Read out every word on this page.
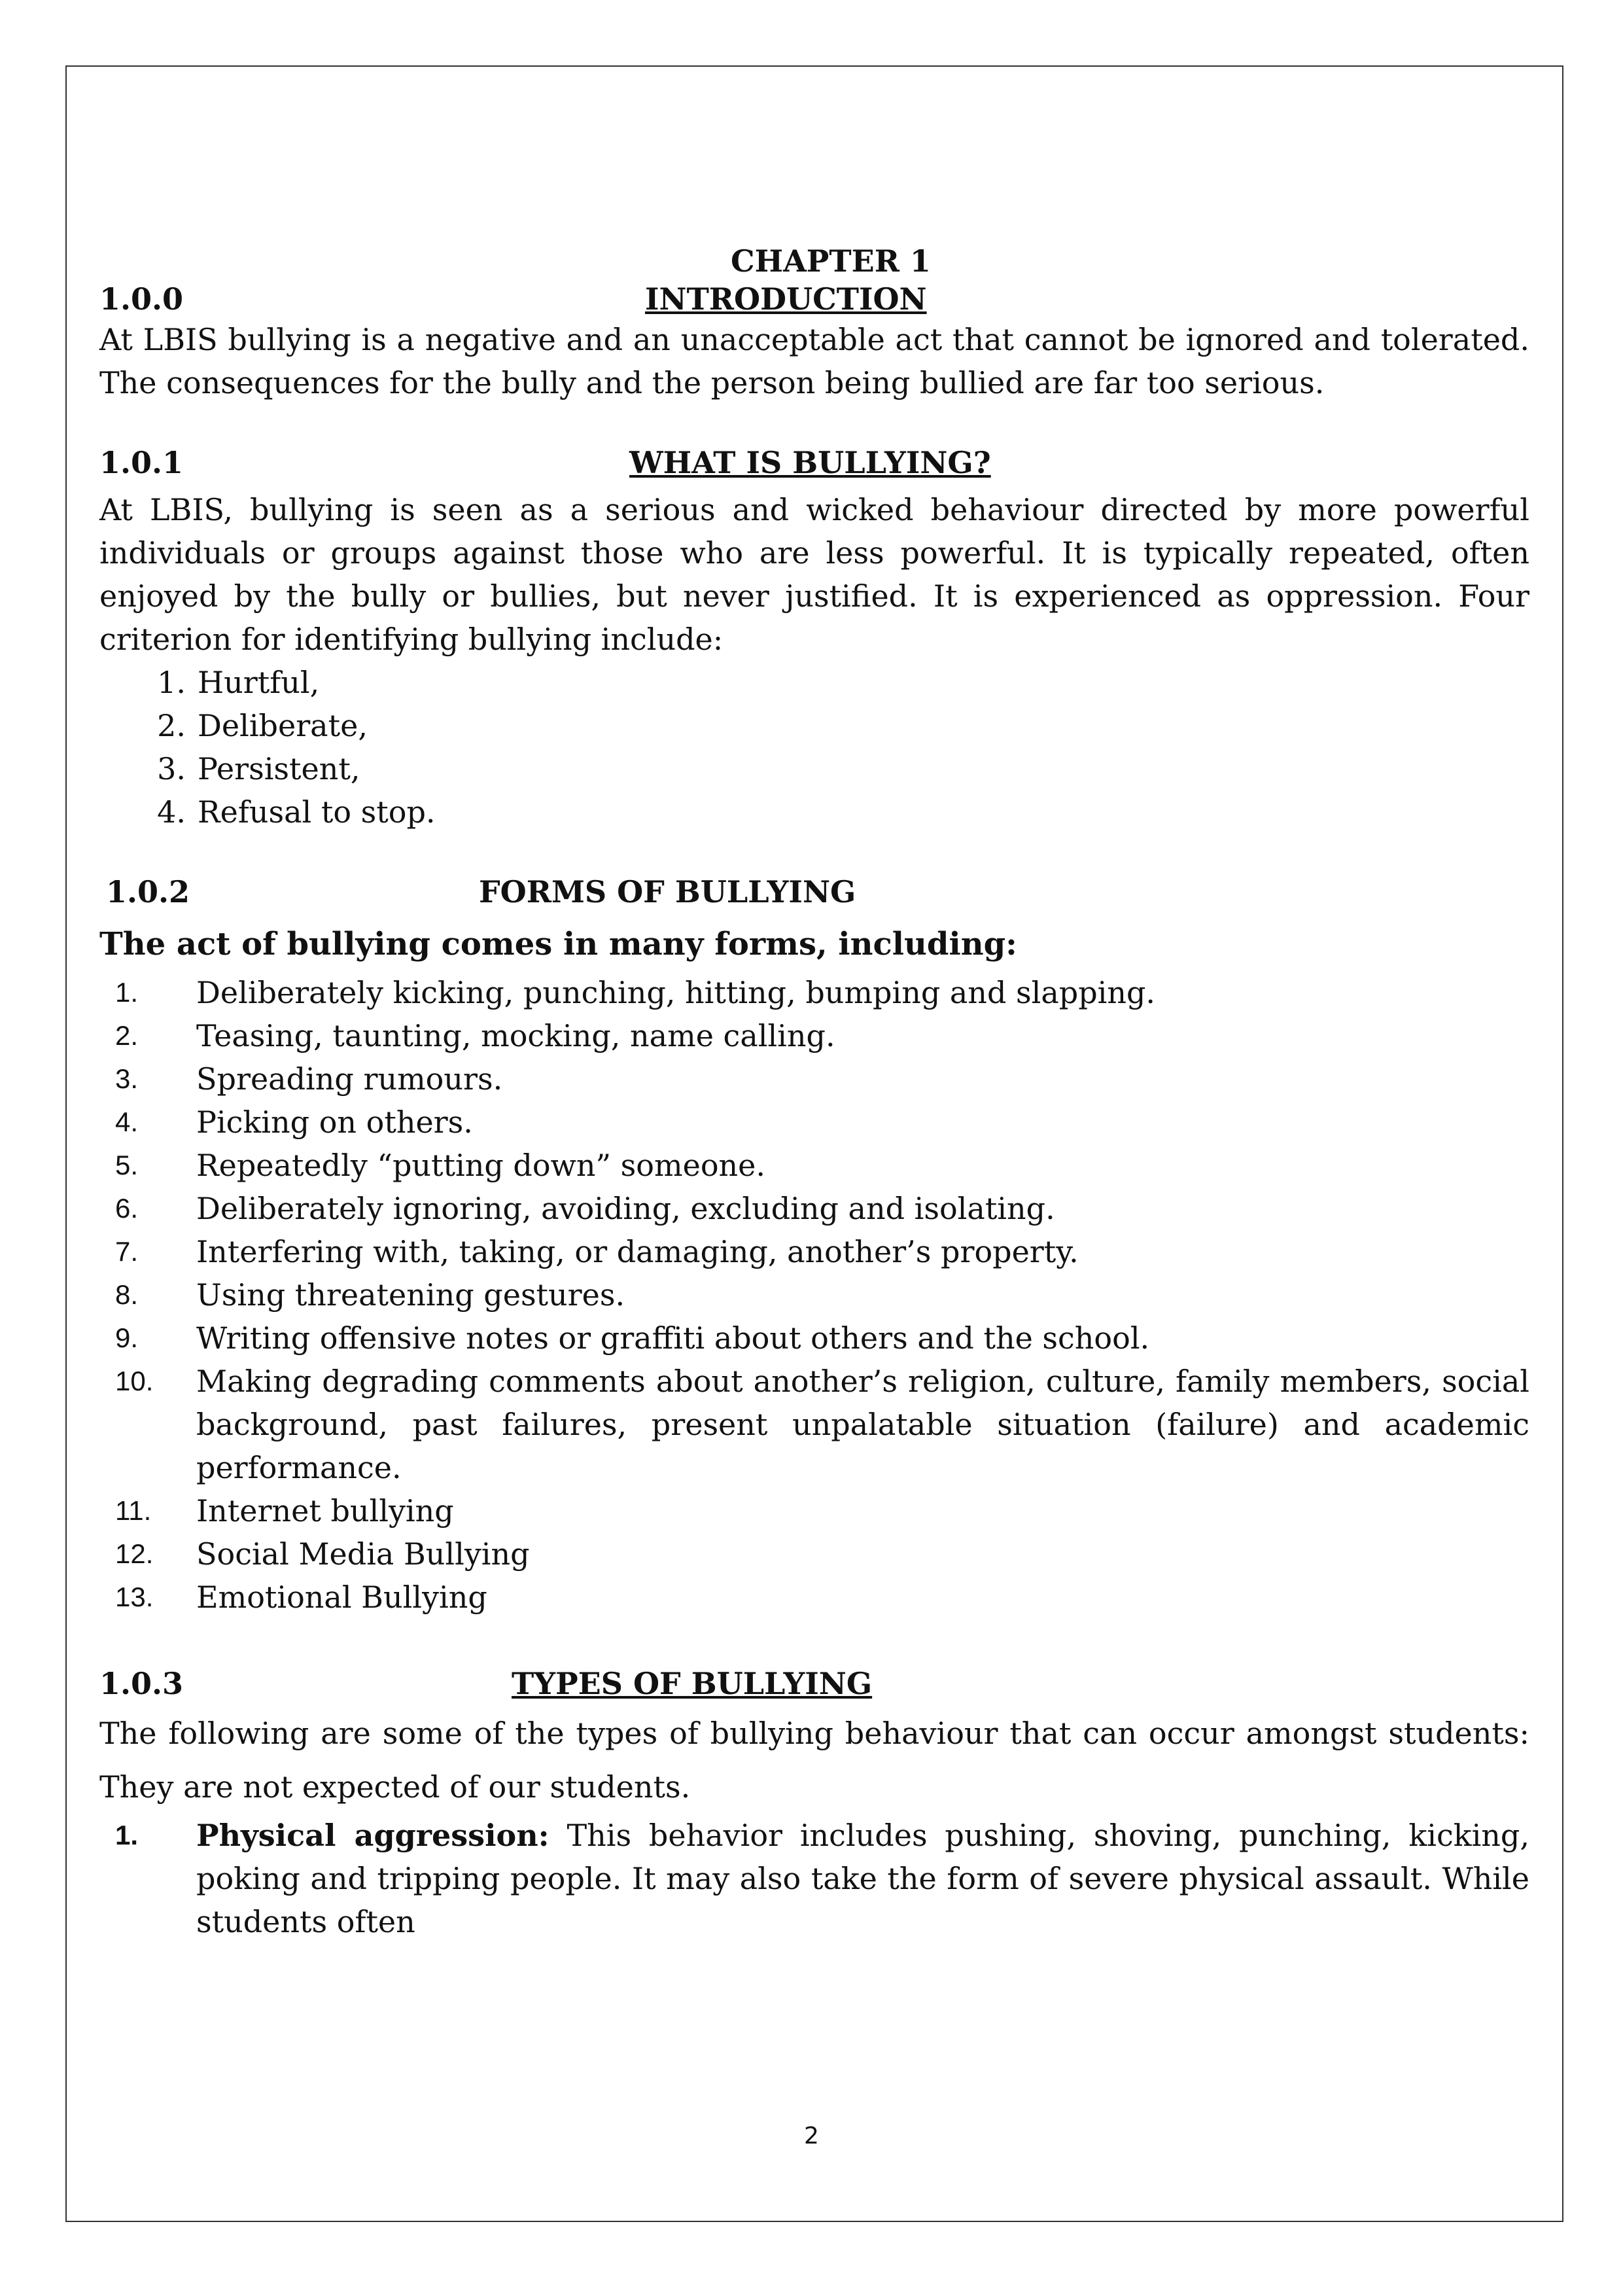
CHAPTER 1
1.0.0	INTRODUCTION

At LBIS bullying is a negative and an unacceptable act that cannot be ignored and tolerated. The consequences for the bully and the person being bullied are far too serious.

1.0.1	WHAT IS BULLYING?

At LBIS, bullying is seen as a serious and wicked behaviour directed by more powerful individuals or groups against those who are less powerful. It is typically repeated, often enjoyed by the bully or bullies, but never justified. It is experienced as oppression. Four criterion for identifying bullying include:

1. Hurtful,
2. Deliberate,
3. Persistent,
4. Refusal to stop.
1.0.2	FORMS OF BULLYING
The act of bullying comes in many forms, including:
1.	Deliberately kicking, punching, hitting, bumping and slapping.
2.	Teasing, taunting, mocking, name calling.
3.	Spreading rumours.
4.	Picking on others.
5.	Repeatedly “putting down” someone.
6.	Deliberately ignoring, avoiding, excluding and isolating.
7.	Interfering with, taking, or damaging, another’s property.
8.	Using threatening gestures.
9.	Writing offensive notes or graffiti about others and the school.
10.	Making degrading comments about another’s religion, culture, family members, social background, past failures, present unpalatable situation (failure) and academic performance.
11.	Internet bullying
12.	Social Media Bullying
13.	Emotional Bullying
1.0.3	TYPES OF BULLYING

The following are some of the types of bullying behaviour that can occur amongst students: They are not expected of our students.

1.	Physical aggression: This behavior includes pushing, shoving, punching, kicking, poking and tripping people. It may also take the form of severe physical assault. While students often
2
